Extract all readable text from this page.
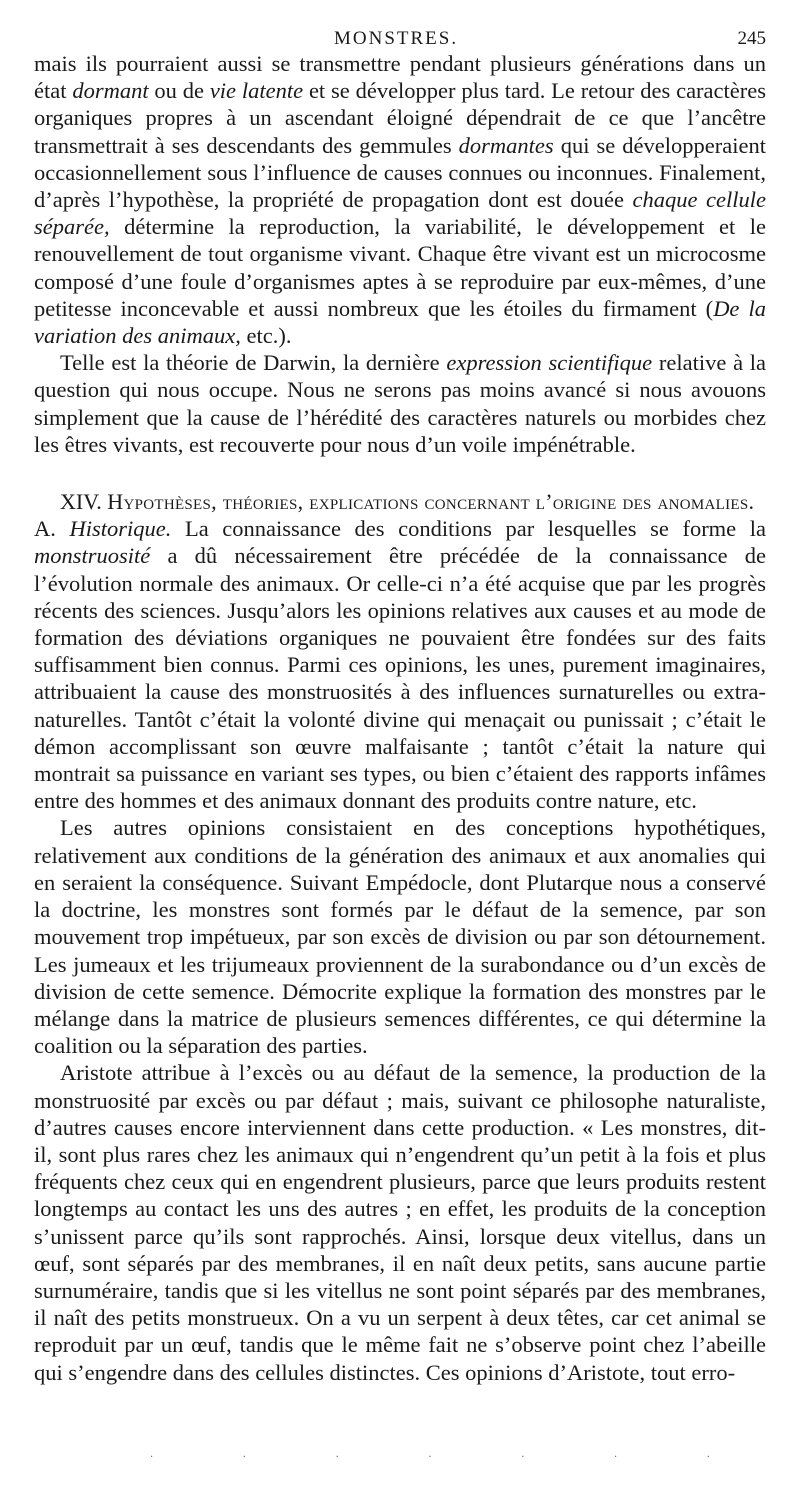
MONSTRES.	245

mais ils pourraient aussi se transmettre pendant plusieurs générations dans un état dormant ou de vie latente et se développer plus tard. Le retour des caractères organiques propres à un ascendant éloigné dépendrait de ce que l’ancêtre transmettrait à ses descendants des gemmules dormantes qui se développeraient occasionnellement sous l’influence de causes connues ou inconnues. Finalement, d’après l’hypothèse, la propriété de propagation dont est douée chaque cellule séparée, détermine la reproduction, la variabilité, le développement et le renouvellement de tout organisme vivant. Chaque être vivant est un microcosme composé d’une foule d’organismes aptes à se reproduire par eux-mêmes, d’une petitesse inconcevable et aussi nombreux que les étoiles du firmament (De la variation des animaux, etc.).

Telle est la théorie de Darwin, la dernière expression scientifique relative à la question qui nous occupe. Nous ne serons pas moins avancé si nous avouons simplement que la cause de l’hérédité des caractères naturels ou morbides chez les êtres vivants, est recouverte pour nous d’un voile impénétrable.

XIV. Hypothèses, théories, explications concernant l’origine des anomalies.

A. Historique. La connaissance des conditions par lesquelles se forme la monstruosité a dû nécessairement être précédée de la connaissance de l’évolution normale des animaux. Or celle-ci n’a été acquise que par les progrès récents des sciences. Jusqu’alors les opinions relatives aux causes et au mode de formation des déviations organiques ne pouvaient être fondées sur des faits suffisamment bien connus. Parmi ces opinions, les unes, purement imaginaires, attribuaient la cause des monstruosités à des influences surnaturelles ou extra-naturelles. Tantôt c’était la volonté divine qui menaçait ou punissait ; c’était le démon accomplissant son œuvre malfaisante ; tantôt c’était la nature qui montrait sa puissance en variant ses types, ou bien c’étaient des rapports infâmes entre des hommes et des animaux donnant des produits contre nature, etc.

Les autres opinions consistaient en des conceptions hypothétiques, relativement aux conditions de la génération des animaux et aux anomalies qui en seraient la conséquence. Suivant Empédocle, dont Plutarque nous a conservé la doctrine, les monstres sont formés par le défaut de la semence, par son mouvement trop impétueux, par son excès de division ou par son détournement. Les jumeaux et les trijumeaux proviennent de la surabondance ou d’un excès de division de cette semence. Démocrite explique la formation des monstres par le mélange dans la matrice de plusieurs semences différentes, ce qui détermine la coalition ou la séparation des parties.

Aristote attribue à l’excès ou au défaut de la semence, la production de la monstruosité par excès ou par défaut ; mais, suivant ce philosophe naturaliste, d’autres causes encore interviennent dans cette production. « Les monstres, dit-il, sont plus rares chez les animaux qui n’engendrent qu’un petit à la fois et plus fréquents chez ceux qui en engendrent plusieurs, parce que leurs produits restent longtemps au contact les uns des autres ; en effet, les produits de la conception s’unissent parce qu’ils sont rapprochés. Ainsi, lorsque deux vitellus, dans un œuf, sont séparés par des membranes, il en naît deux petits, sans aucune partie surnuméraire, tandis que si les vitellus ne sont point séparés par des membranes, il naît des petits monstrueux. On a vu un serpent à deux têtes, car cet animal se reproduit par un œuf, tandis que le même fait ne s’observe point chez l’abeille qui s’engendre dans des cellules distinctes. Ces opinions d’Aristote, tout erro-

·	·	·	·	·	·	·
